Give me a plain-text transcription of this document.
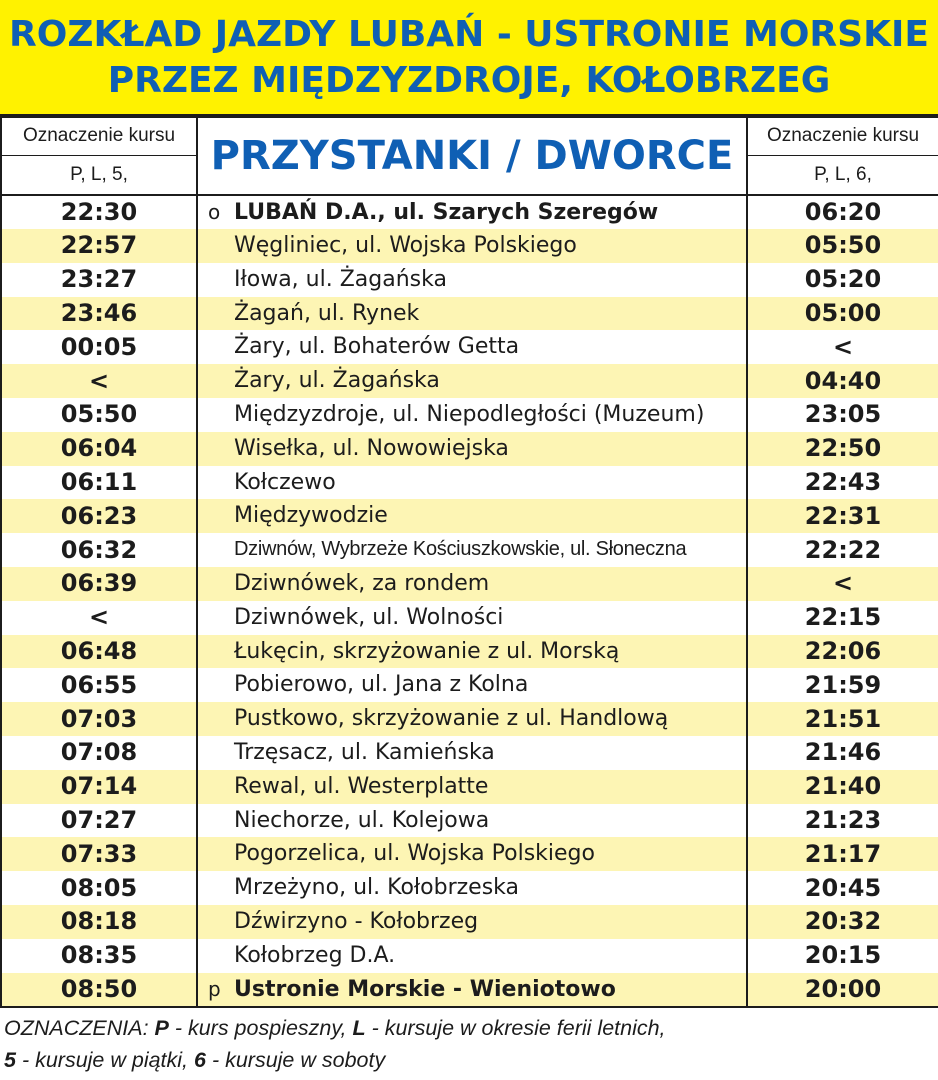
ROZKŁAD JAZDY LUBAŃ - USTRONIE MORSKIE
PRZEZ MIĘDZYZDROJE, KOŁOBRZEG
Oznaczenie kursu	PRZYSTANKI / DWORCE	Oznaczenie kursu
P, L, 5,		P, L, 6,
22:30	o LUBAŃ D.A., ul. Szarych Szeregów	06:20
22:57	Węgliniec, ul. Wojska Polskiego	05:50
23:27	Iłowa, ul. Żagańska	05:20
23:46	Żagań, ul. Rynek	05:00
00:05	Żary, ul. Bohaterów Getta	<
<	Żary, ul. Żagańska	04:40
05:50	Międzyzdroje, ul. Niepodległości (Muzeum)	23:05
06:04	Wisełka, ul. Nowowiejska	22:50
06:11	Kołczewo	22:43
06:23	Międzywodzie	22:31
06:32	Dziwnów, Wybrzeże Kościuszkowskie, ul. Słoneczna	22:22
06:39	Dziwnówek, za rondem	<
<	Dziwnówek, ul. Wolności	22:15
06:48	Łukęcin, skrzyżowanie z ul. Morską	22:06
06:55	Pobierowo, ul. Jana z Kolna	21:59
07:03	Pustkowo, skrzyżowanie z ul. Handlową	21:51
07:08	Trzęsacz, ul. Kamieńska	21:46
07:14	Rewal, ul. Westerplatte	21:40
07:27	Niechorze, ul. Kolejowa	21:23
07:33	Pogorzelica, ul. Wojska Polskiego	21:17
08:05	Mrzeżyno, ul. Kołobrzeska	20:45
08:18	Dźwirzyno - Kołobrzeg	20:32
08:35	Kołobrzeg D.A.	20:15
08:50	p Ustronie Morskie - Wieniotowo	20:00
OZNACZENIA: P - kurs pospieszny, L - kursuje w okresie ferii letnich,
5 - kursuje w piątki, 6 - kursuje w soboty
